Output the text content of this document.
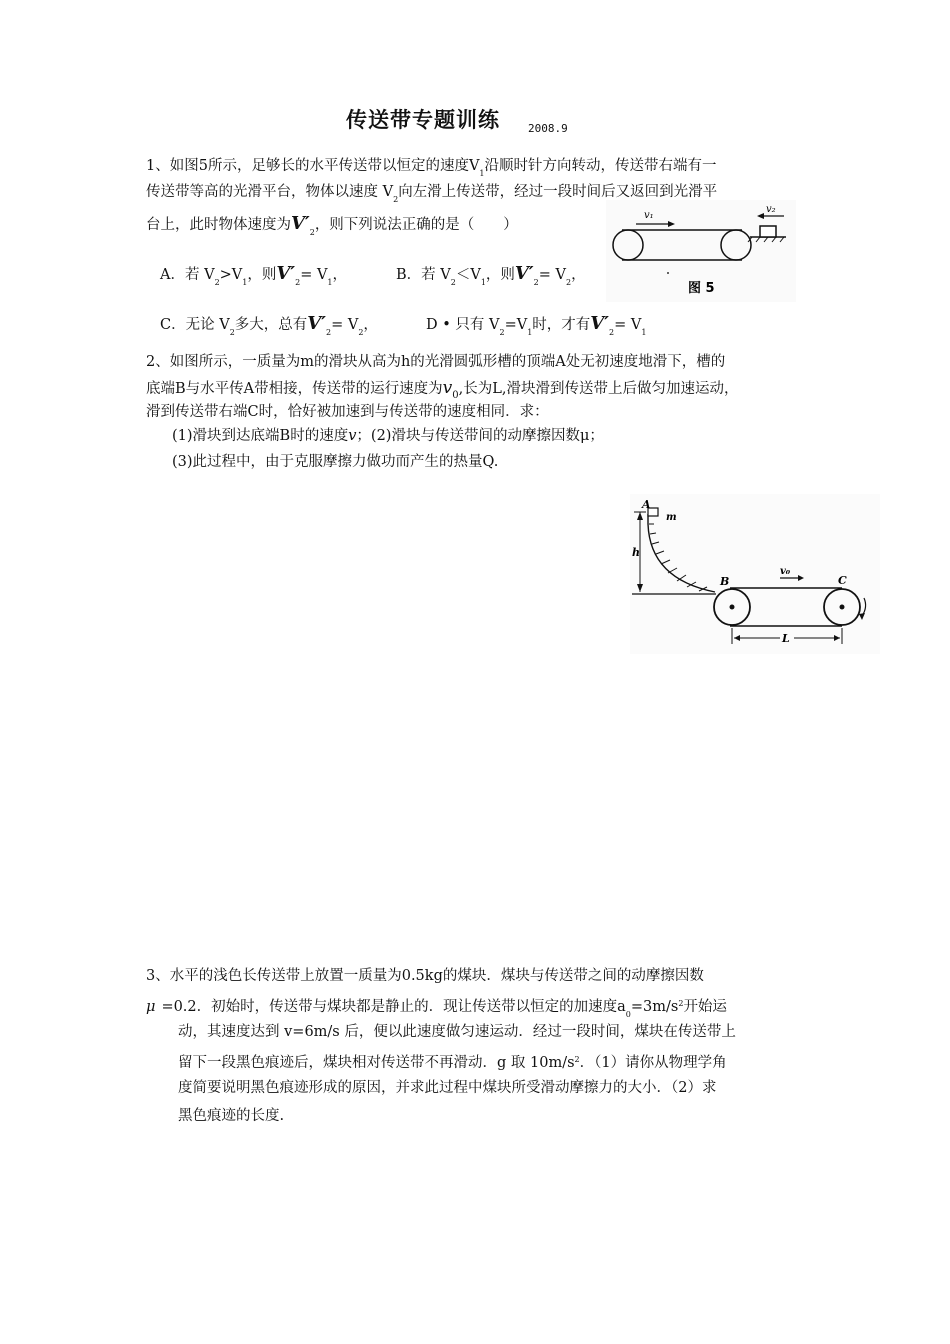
传送带专题训练	2008.9
1、如图5所示，足够长的水平传送带以恒定的速度$V_1$沿顺时针方向转动，传送带右端有一
传送带等高的光滑平台，物体以速度 $V_2$向左滑上传送带，经过一段时间后又返回到光滑平
台上，此时物体速度为$V'_2$，则下列说法正确的是（　　）
A．若 $V_2>V_1$，则$V'_2= V_1$，	B．若 $V_2<V_1$，则$V'_2= V_2$，
C．无论 $V_2$多大，总有$V'_2= V_2$，	D • 只有 $V_2=V_1$时，才有$V'_2= V_1$
v₁
v₂
图 5
2、如图所示，一质量为m的滑块从高为h的光滑圆弧形槽的顶端A处无初速度地滑下，槽的
底端B与水平传A带相接，传送带的运行速度为$v_0$,长为L,滑块滑到传送带上后做匀加速运动，
滑到传送带右端C时，恰好被加速到与传送带的速度相同．求：
(1)滑块到达底端B时的速度v；(2)滑块与传送带间的动摩擦因数μ；
(3)此过程中，由于克服摩擦力做功而产生的热量Q.
h
A
m
B	C
v₀
L
3、水平的浅色长传送带上放置一质量为0.5kg的煤块．煤块与传送带之间的动摩擦因数
μ =0.2．初始时，传送带与煤块都是静止的．现让传送带以恒定的加速度$a_0=3m/s^2$开始运
动，其速度达到 v=6m/s 后，便以此速度做匀速运动．经过一段时间，煤块在传送带上
留下一段黑色痕迹后，煤块相对传送带不再滑动．g 取 $10m/s^2$．（1）请你从物理学角
度简要说明黑色痕迹形成的原因，并求此过程中煤块所受滑动摩擦力的大小．（2）求
黑色痕迹的长度.
